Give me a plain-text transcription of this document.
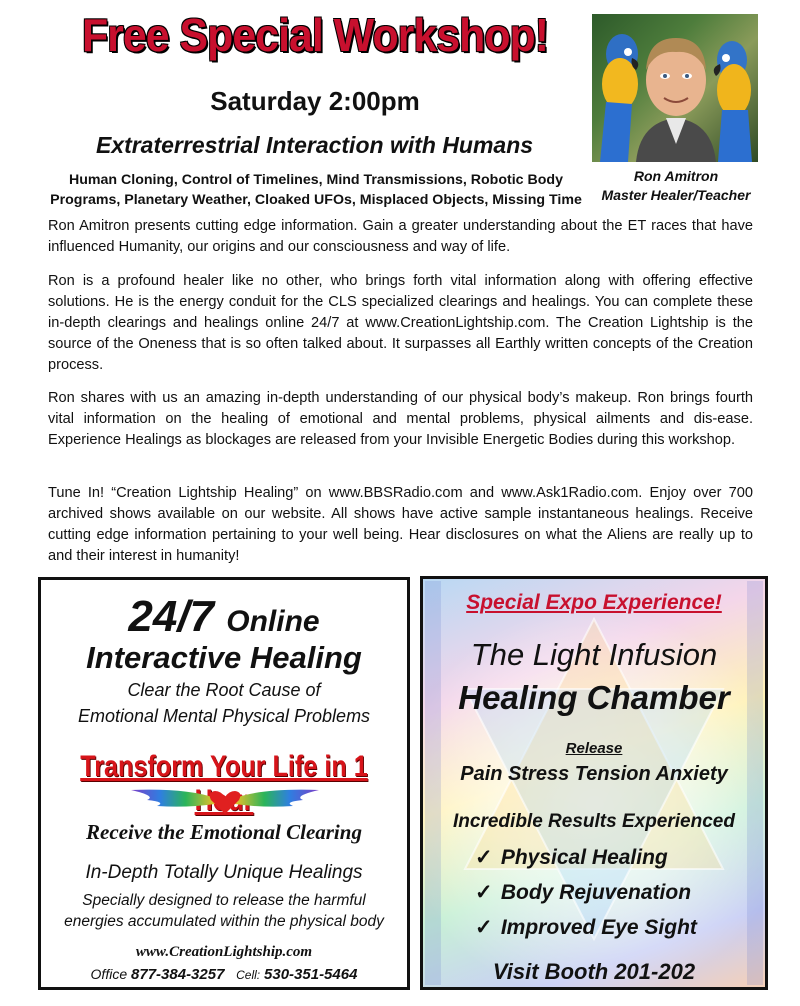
Free Special Workshop!
Saturday 2:00pm
Extraterrestrial Interaction with Humans
Human Cloning, Control of Timelines, Mind Transmissions, Robotic Body
Programs, Planetary Weather, Cloaked UFOs, Misplaced Objects, Missing Time
Ron Amitron
Master Healer/Teacher

Ron Amitron presents cutting edge information. Gain a greater understanding about the ET races that have influenced Humanity, our origins and our consciousness and way of life.

Ron is a profound healer like no other, who brings forth vital information along with offering effective solutions. He is the energy conduit for the CLS specialized clearings and healings. You can complete these in-depth clearings and healings online 24/7 at www.CreationLightship.com. The Creation Lightship is the source of the Oneness that is so often talked about. It surpasses all Earthly written concepts of the Creation process.

Ron shares with us an amazing in-depth understanding of our physical body’s makeup. Ron brings fourth vital information on the healing of emotional and mental problems, physical ailments and dis-ease. Experience Healings as blockages are released from your Invisible Energetic Bodies during this workshop.

Tune In! “Creation Lightship Healing” on www.BBSRadio.com and www.Ask1Radio.com. Enjoy over 700 archived shows available on our website. All shows have active sample instantaneous healings. Receive cutting edge information pertaining to your well being. Hear disclosures on what the Aliens are really up to and their interest in humanity!

24/7 Online
Interactive Healing
Clear the Root Cause of
Emotional Mental Physical Problems
Transform Your Life in 1
Receive the Emotional Clearing
In-Depth Totally Unique Healings
Specially designed to release the harmful
energies accumulated within the physical body
www.CreationLightship.com
Office 877-384-3257 Cell: 530-351-5464
Special Expo Experience!
The Light Infusion
Healing Chamber
Release
Pain Stress Tension Anxiety
Incredible Results Experienced
✓ Physical Healing
✓ Body Rejuvenation
✓ Improved Eye Sight
Visit Booth 201-202
